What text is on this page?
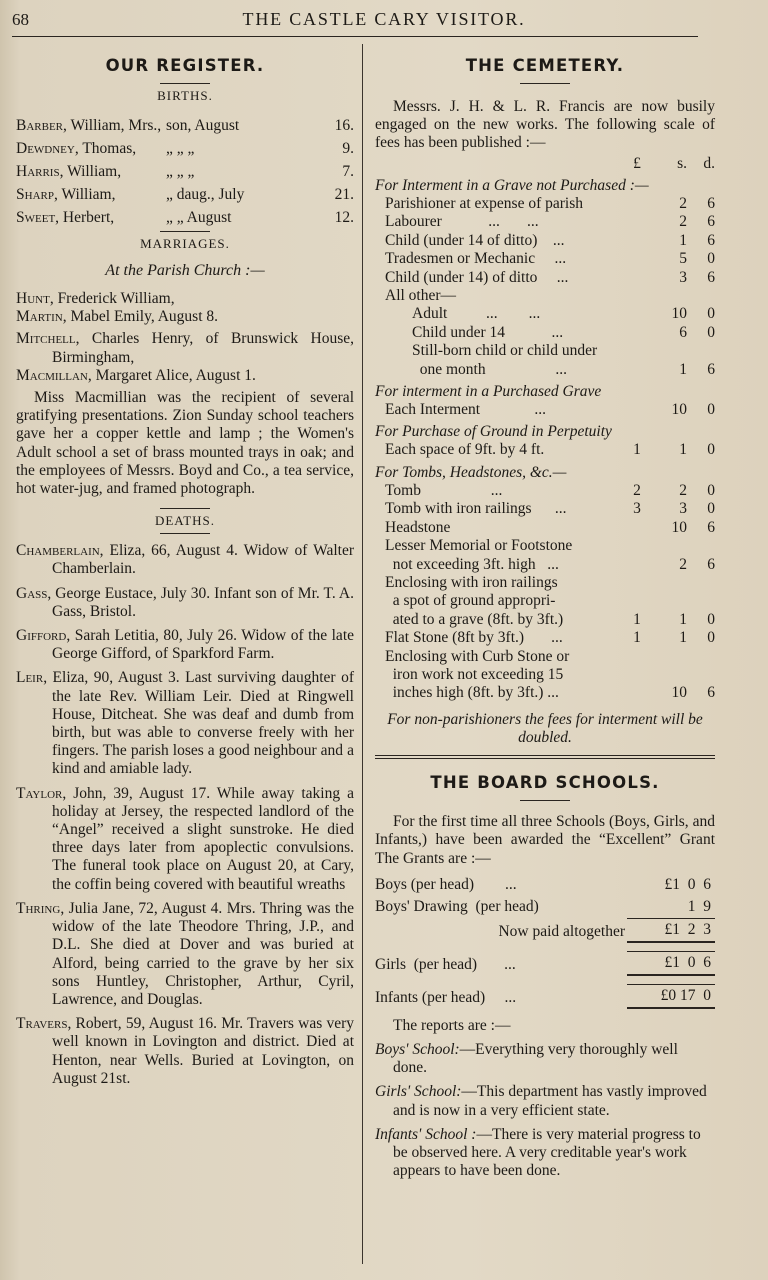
68	THE CASTLE CARY VISITOR.
OUR REGISTER.
BIRTHS.
Barber, William, Mrs., son, August	16.
Dewdney, Thomas,	„ „ „	9.
Harris, William,	„ „ „	7.
Sharp, William,	„ daug., July	21.
Sweet, Herbert,	„ „ August	12.
MARRIAGES.
At the Parish Church :—
Hunt, Frederick William,
Martin, Mabel Emily, August 8.
Mitchell, Charles Henry, of Brunswick House, Birmingham,
Macmillan, Margaret Alice, August 1.
Miss Macmillian was the recipient of several gratifying presentations. Zion Sunday school teachers gave her a copper kettle and lamp ; the Women's Adult school a set of brass mounted trays in oak; and the employees of Messrs. Boyd and Co., a tea service, hot water-jug, and framed photograph.
DEATHS.
Chamberlain, Eliza, 66, August 4. Widow of Walter Chamberlain.
Gass, George Eustace, July 30. Infant son of Mr. T. A. Gass, Bristol.
Gifford, Sarah Letitia, 80, July 26. Widow of the late George Gifford, of Sparkford Farm.
Leir, Eliza, 90, August 3. Last surviving daughter of the late Rev. William Leir. Died at Ringwell House, Ditcheat. She was deaf and dumb from birth, but was able to converse freely with her fingers. The parish loses a good neighbour and a kind and amiable lady.
Taylor, John, 39, August 17. While away taking a holiday at Jersey, the respected landlord of the “Angel” received a slight sunstroke. He died three days later from apoplectic convulsions. The funeral took place on August 20, at Cary, the coffin being covered with beautiful wreaths
Thring, Julia Jane, 72, August 4. Mrs. Thring was the widow of the late Theodore Thring, J.P., and D.L. She died at Dover and was buried at Alford, being carried to the grave by her six sons Huntley, Christopher, Arthur, Cyril, Lawrence, and Douglas.
Travers, Robert, 59, August 16. Mr. Travers was very well known in Lovington and district. Died at Henton, near Wells. Buried at Lovington, on August 21st.
THE CEMETERY.
Messrs. J. H. & L. R. Francis are now busily engaged on the new works. The following scale of fees has been published :—
£	s.	d.
For Interment in a Grave not Purchased :—
Parishioner at expense of parish	2	6
Labourer            ...       ...	2	6
Child (under 14 of ditto)    ...	1	6
Tradesmen or Mechanic     ...	5	0
Child (under 14) of ditto     ...	3	6
All other—
Adult          ...        ...	10	0
Child under 14            ...	6	0
Still-born child or child under
one month                  ...	1	6
For interment in a Purchased Grave
Each Interment              ...	10	0
For Purchase of Ground in Perpetuity
Each space of 9ft. by 4 ft.	1	1	0
For Tombs, Headstones, &c.—
Tomb                  ...	2	2	0
Tomb with iron railings      ...	3	3	0
Headstone	10	6
Lesser Memorial or Footstone
not exceeding 3ft. high   ...	2	6
Enclosing with iron railings
a spot of ground appropri-
ated to a grave (8ft. by 3ft.)	1	1	0
Flat Stone (8ft by 3ft.)       ...	1	1	0
Enclosing with Curb Stone or
iron work not exceeding 15
inches high (8ft. by 3ft.) ...	10	6
For non-parishioners the fees for interment will be doubled.
THE BOARD SCHOOLS.
For the first time all three Schools (Boys, Girls, and Infants,) have been awarded the “Excellent” Grant The Grants are :—
Boys (per head)        ...	£1  0  6
Boys' Drawing  (per head)	1  9
Now paid altogether	£1  2  3
Girls  (per head)       ...	£1  0  6
Infants (per head)     ...	£0 17  0
The reports are :—
Boys' School:—Everything very thoroughly well done.
Girls' School:—This department has vastly improved and is now in a very efficient state.
Infants' School :—There is very material progress to be observed here. A very creditable year's work appears to have been done.
